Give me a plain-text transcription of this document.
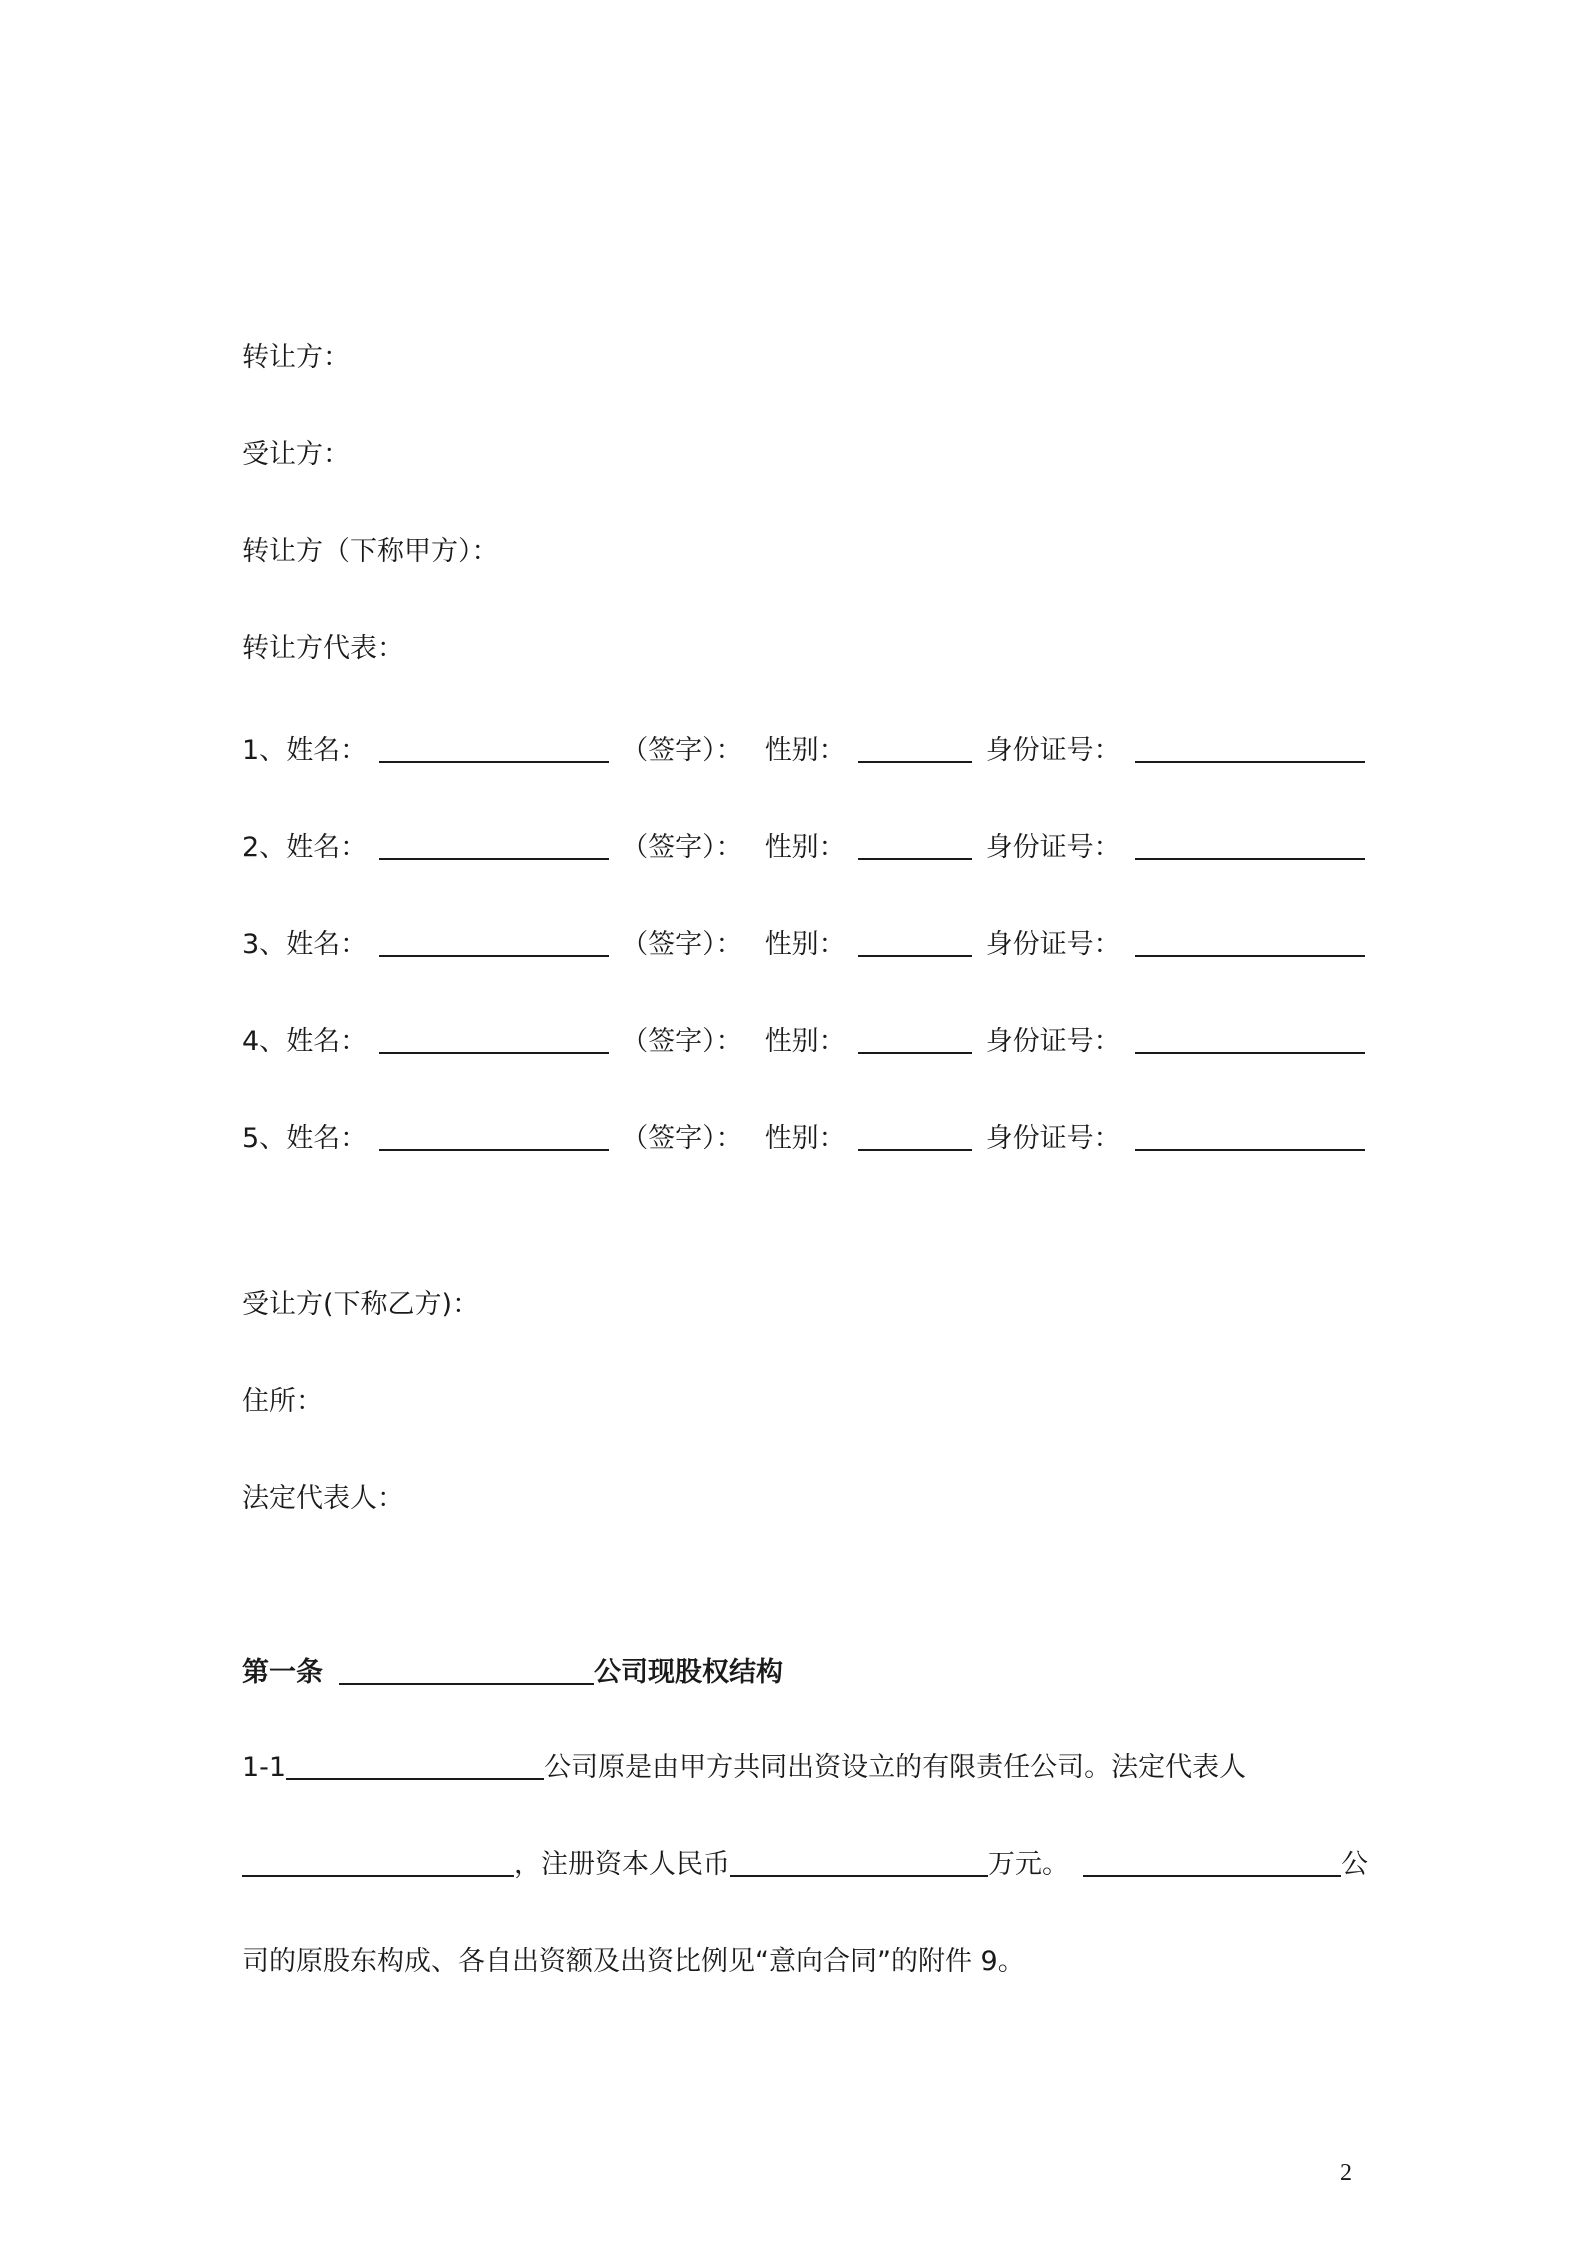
转让方：
受让方：
转让方（下称甲方）：
转让方代表：
1、姓名：	（签字）： 性别：	身份证号：
2、姓名：	（签字）： 性别：	身份证号：
3、姓名：	（签字）： 性别：	身份证号：
4、姓名：	（签字）： 性别：	身份证号：
5、姓名：	（签字）： 性别：	身份证号：
受让方(下称乙方)：
住所：
法定代表人：
第一条	公司现股权结构
1-1	公司原是由甲方共同出资设立的有限责任公司。法定代表人
，注册资本人民币	万元。	公
司的原股东构成、各自出资额及出资比例见“意向合同”的附件 9。
2
